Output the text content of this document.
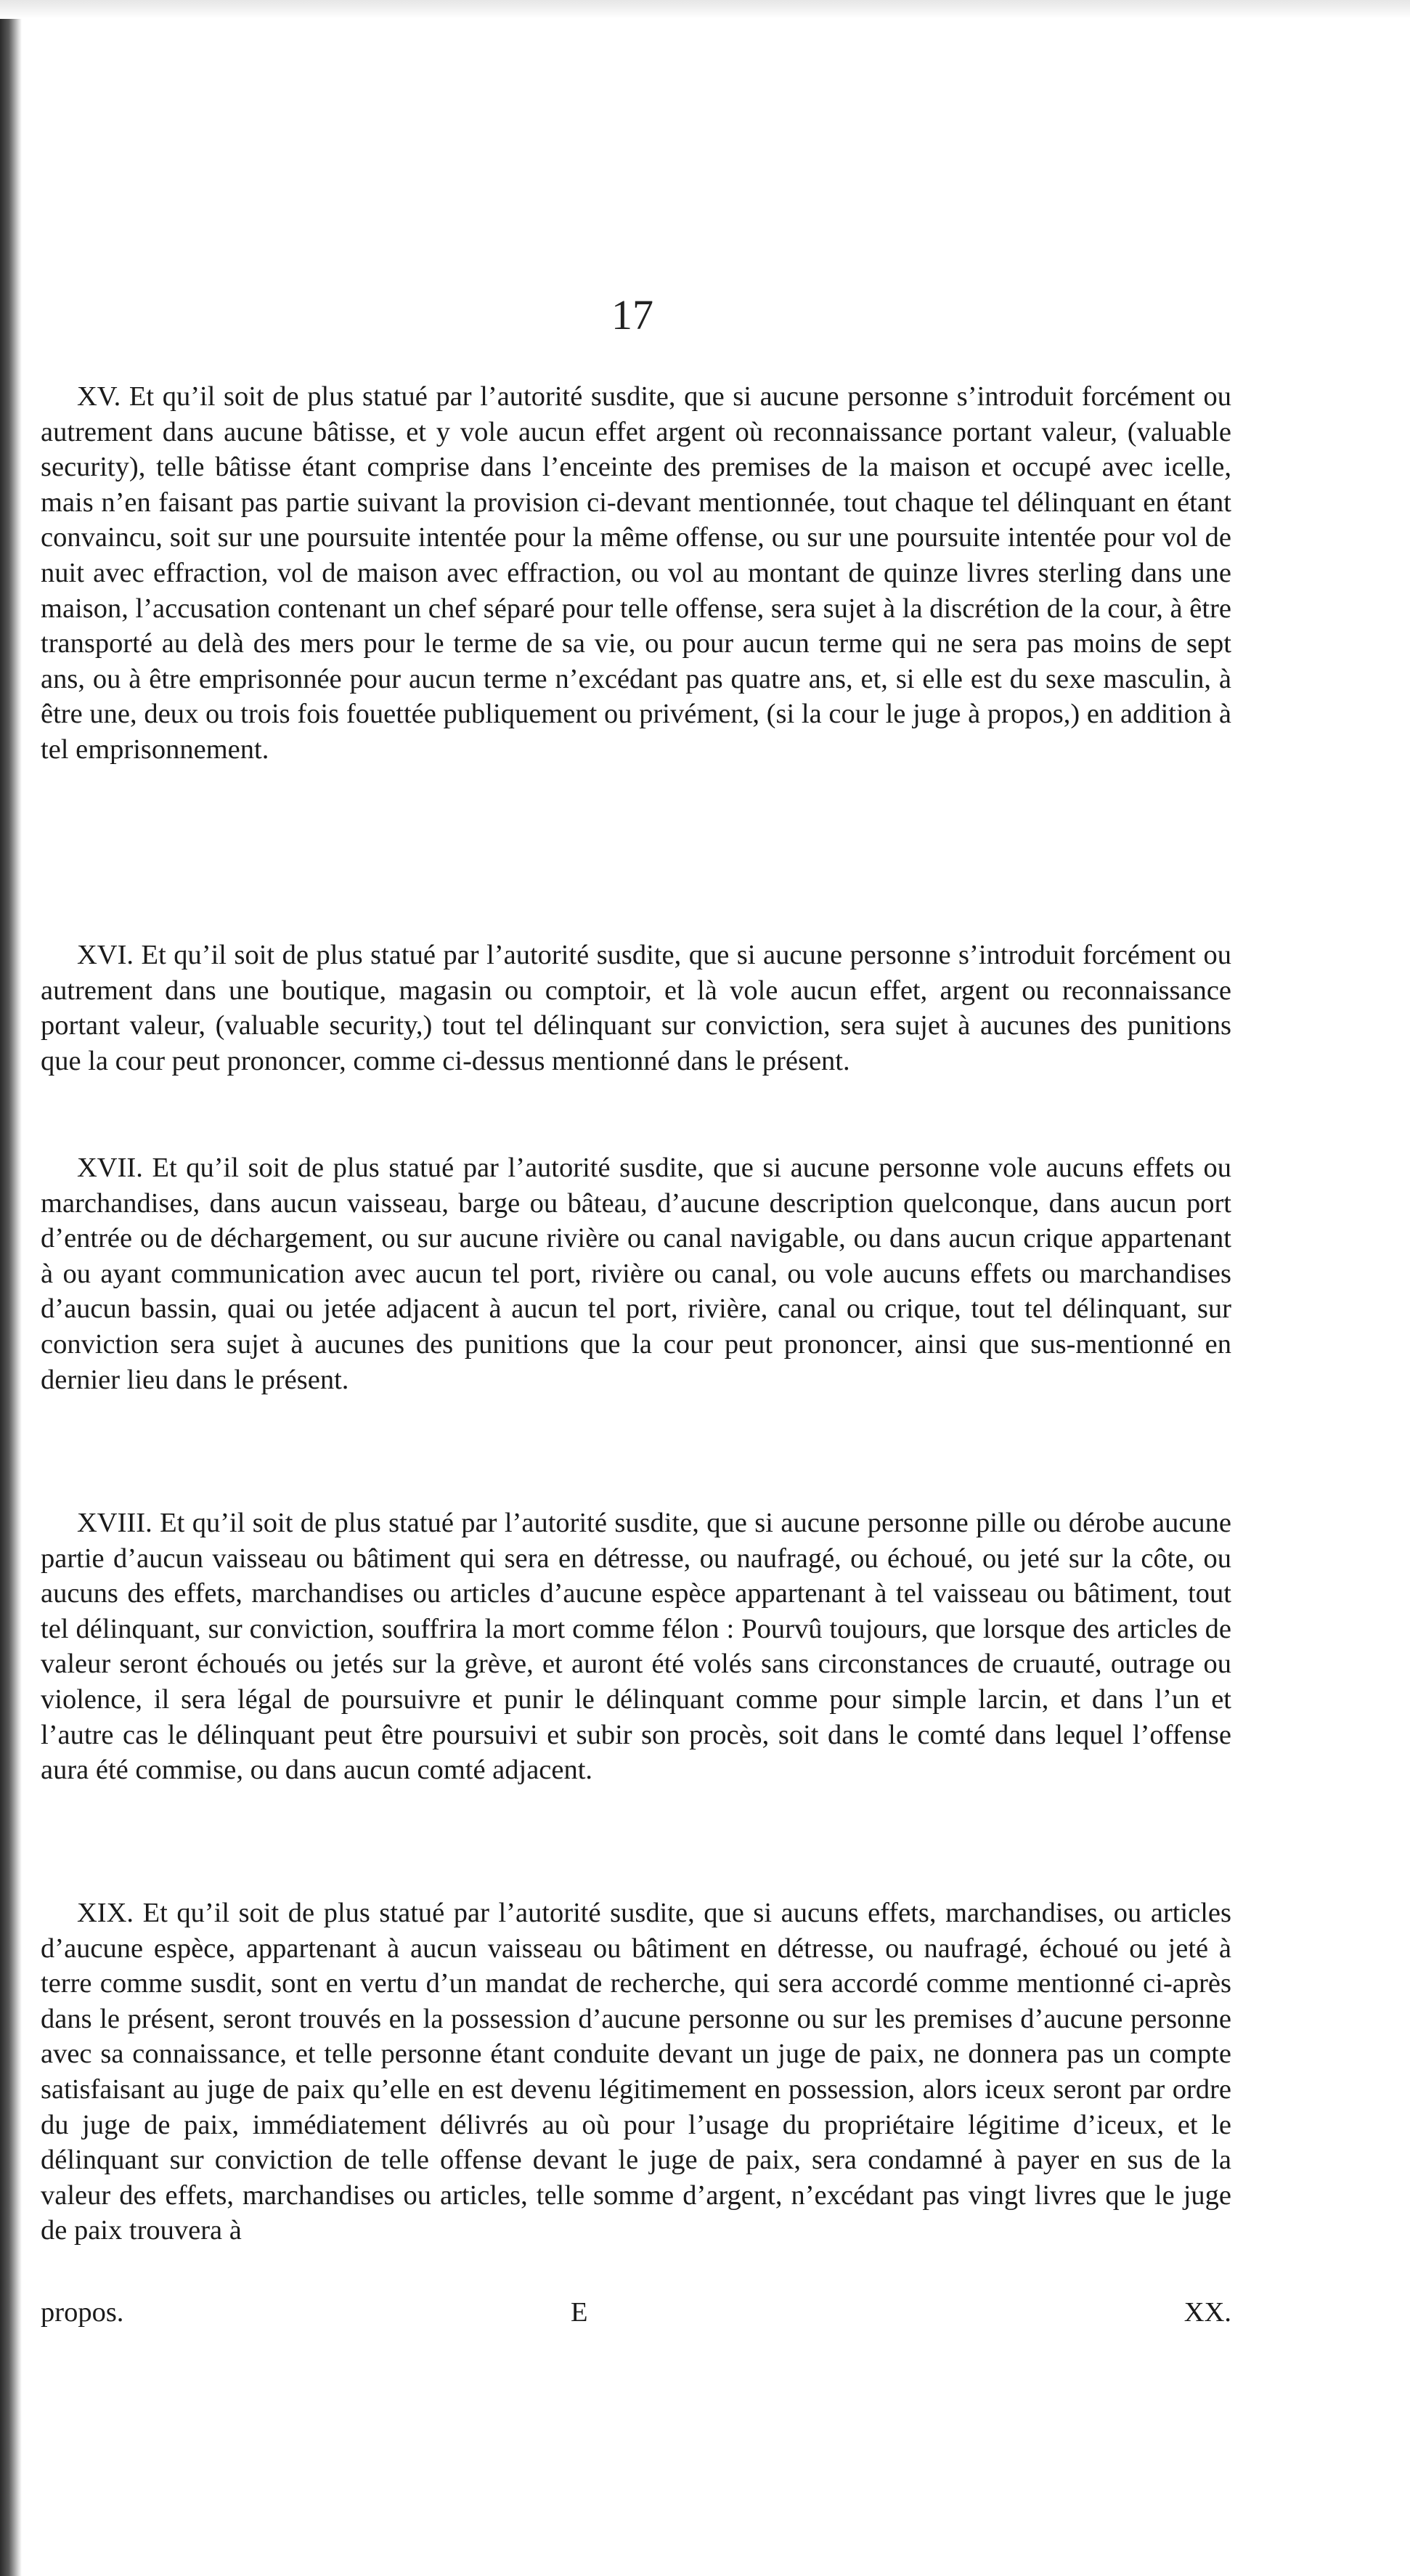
17

XV. Et qu’il soit de plus statué par l’autorité susdite, que si aucune personne s’introduit forcément ou autrement dans aucune bâtisse, et y vole aucun effet argent où reconnaissance portant valeur, (valuable security), telle bâtisse étant comprise dans l’enceinte des premises de la maison et occupé avec icelle, mais n’en faisant pas partie suivant la provision ci-devant mentionnée, tout chaque tel délinquant en étant convaincu, soit sur une poursuite intentée pour la même offense, ou sur une poursuite intentée pour vol de nuit avec effraction, vol de maison avec effraction, ou vol au montant de quinze livres sterling dans une maison, l’accusation contenant un chef séparé pour telle offense, sera sujet à la discrétion de la cour, à être transporté au delà des mers pour le terme de sa vie, ou pour aucun terme qui ne sera pas moins de sept ans, ou à être emprisonnée pour aucun terme n’excédant pas quatre ans, et, si elle est du sexe masculin, à être une, deux ou trois fois fouettée publiquement ou privément, (si la cour le juge à propos,) en addition à tel emprisonnement.

XVI. Et qu’il soit de plus statué par l’autorité susdite, que si aucune personne s’introduit forcément ou autrement dans une boutique, magasin ou comptoir, et là vole aucun effet, argent ou reconnaissance portant valeur, (valuable security,) tout tel délinquant sur conviction, sera sujet à aucunes des punitions que la cour peut prononcer, comme ci-dessus mentionné dans le présent.

XVII. Et qu’il soit de plus statué par l’autorité susdite, que si aucune personne vole aucuns effets ou marchandises, dans aucun vaisseau, barge ou bâteau, d’aucune description quelconque, dans aucun port d’entrée ou de déchargement, ou sur aucune rivière ou canal navigable, ou dans aucun crique appartenant à ou ayant communication avec aucun tel port, rivière ou canal, ou vole aucuns effets ou marchandises d’aucun bassin, quai ou jetée adjacent à aucun tel port, rivière, canal ou crique, tout tel délinquant, sur conviction sera sujet à aucunes des punitions que la cour peut prononcer, ainsi que sus-mentionné en dernier lieu dans le présent.

XVIII. Et qu’il soit de plus statué par l’autorité susdite, que si aucune personne pille ou dérobe aucune partie d’aucun vaisseau ou bâtiment qui sera en détresse, ou naufragé, ou échoué, ou jeté sur la côte, ou aucuns des effets, marchandises ou articles d’aucune espèce appartenant à tel vaisseau ou bâtiment, tout tel délinquant, sur conviction, souffrira la mort comme félon : Pourvû toujours, que lorsque des articles de valeur seront échoués ou jetés sur la grève, et auront été volés sans circonstances de cruauté, outrage ou violence, il sera légal de poursuivre et punir le délinquant comme pour simple larcin, et dans l’un et l’autre cas le délinquant peut être poursuivi et subir son procès, soit dans le comté dans lequel l’offense aura été commise, ou dans aucun comté adjacent.

XIX. Et qu’il soit de plus statué par l’autorité susdite, que si aucuns effets, marchandises, ou articles d’aucune espèce, appartenant à aucun vaisseau ou bâtiment en détresse, ou naufragé, échoué ou jeté à terre comme susdit, sont en vertu d’un mandat de recherche, qui sera accordé comme mentionné ci-après dans le présent, seront trouvés en la possession d’aucune personne ou sur les premises d’aucune personne avec sa connaissance, et telle personne étant conduite devant un juge de paix, ne donnera pas un compte satisfaisant au juge de paix qu’elle en est devenu légitimement en possession, alors iceux seront par ordre du juge de paix, immédiatement délivrés au où pour l’usage du propriétaire légitime d’iceux, et le délinquant sur conviction de telle offense devant le juge de paix, sera condamné à payer en sus de la valeur des effets, marchandises ou articles, telle somme d’argent, n’excédant pas vingt livres que le juge de paix trouvera à

propos.	E	XX.
